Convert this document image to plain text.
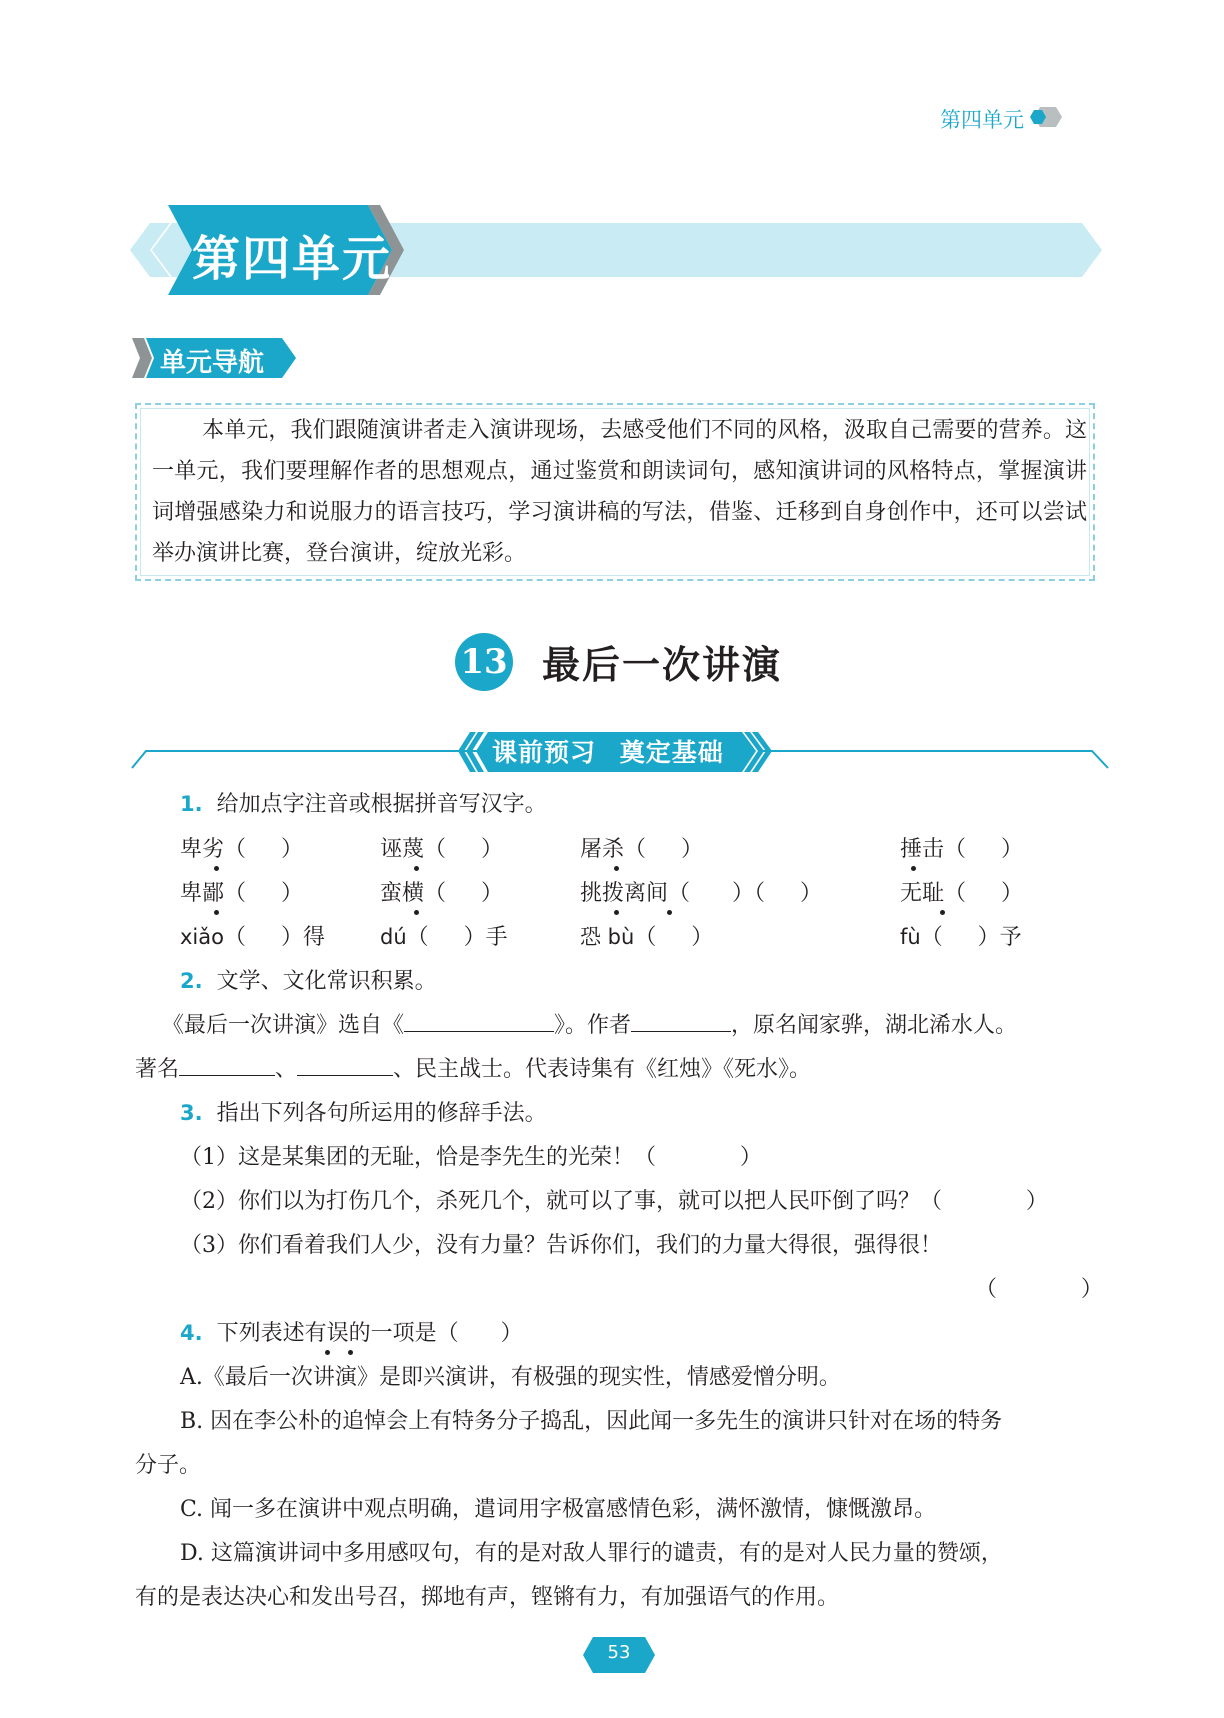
第四单元
第四单元
单元导航
本单元，我们跟随演讲者走入演讲现场，去感受他们不同的风格，汲取自己需要的营养。这一单元，我们要理解作者的思想观点，通过鉴赏和朗读词句，感知演讲词的风格特点，掌握演讲词增强感染力和说服力的语言技巧，学习演讲稿的写法，借鉴、迁移到自身创作中，还可以尝试举办演讲比赛，登台演讲，绽放光彩。
13 最后一次讲演
课前预习 奠定基础
1. 给加点字注音或根据拼音写汉字。
卑劣（     ）	诬蔑（     ）	屠杀（     ）	捶击（     ）
卑鄙（     ）	蛮横（     ）	挑拨离间（      ）（     ）	无耻（     ）
xiǎo（     ）得	dú（     ）手	恐 bù（     ）	fù（     ）予
2. 文学、文化常识积累。
《最后一次讲演》选自《	》。作者	，原名闻家骅，湖北浠水人。
著名	、	、民主战士。代表诗集有《红烛》《死水》。
3. 指出下列各句所运用的修辞手法。
（1）这是某集团的无耻，恰是李先生的光荣！（            ）
（2）你们以为打伤几个，杀死几个，就可以了事，就可以把人民吓倒了吗？（            ）
（3）你们看着我们人少，没有力量？告诉你们，我们的力量大得很，强得很！
（            ）
4. 下列表述有误的一项是（      ）
A.《最后一次讲演》是即兴演讲，有极强的现实性，情感爱憎分明。
B. 因在李公朴的追悼会上有特务分子捣乱，因此闻一多先生的演讲只针对在场的特务
分子。
C. 闻一多在演讲中观点明确，遣词用字极富感情色彩，满怀激情，慷慨激昂。
D. 这篇演讲词中多用感叹句，有的是对敌人罪行的谴责，有的是对人民力量的赞颂，
有的是表达决心和发出号召，掷地有声，铿锵有力，有加强语气的作用。
53
